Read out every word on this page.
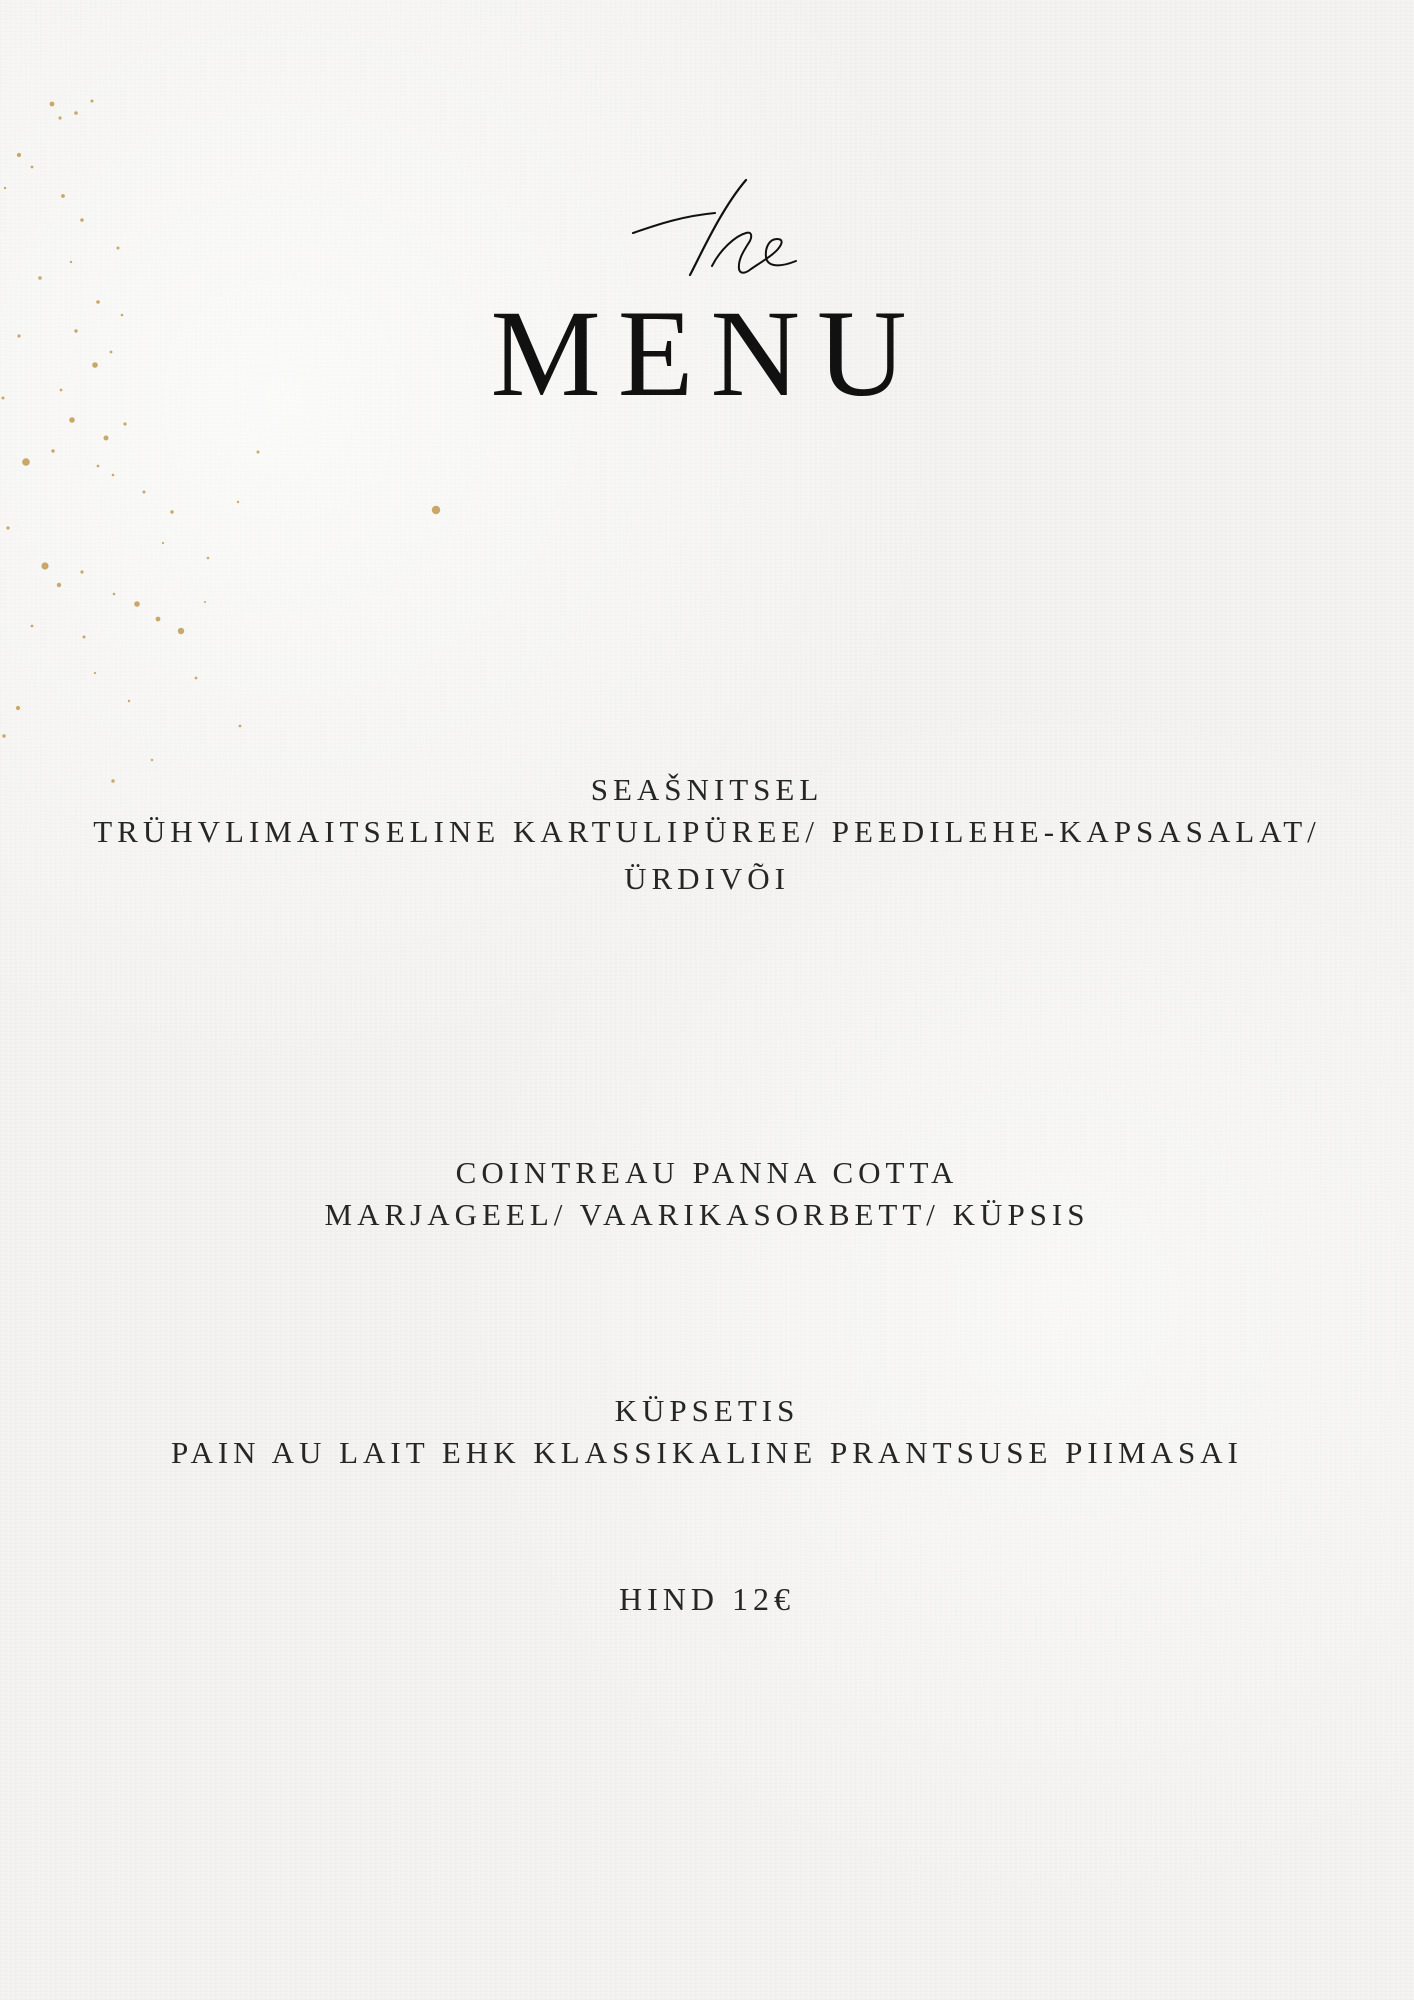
MENU
SEAŠNITSEL
TRÜHVLIMAITSELINE KARTULIPÜREE/ PEEDILEHE-KAPSASALAT/
ÜRDIVÕI
COINTREAU PANNA COTTA
MARJAGEEL/ VAARIKASORBETT/ KÜPSIS
KÜPSETIS
PAIN AU LAIT EHK KLASSIKALINE PRANTSUSE PIIMASAI
HIND 12€
